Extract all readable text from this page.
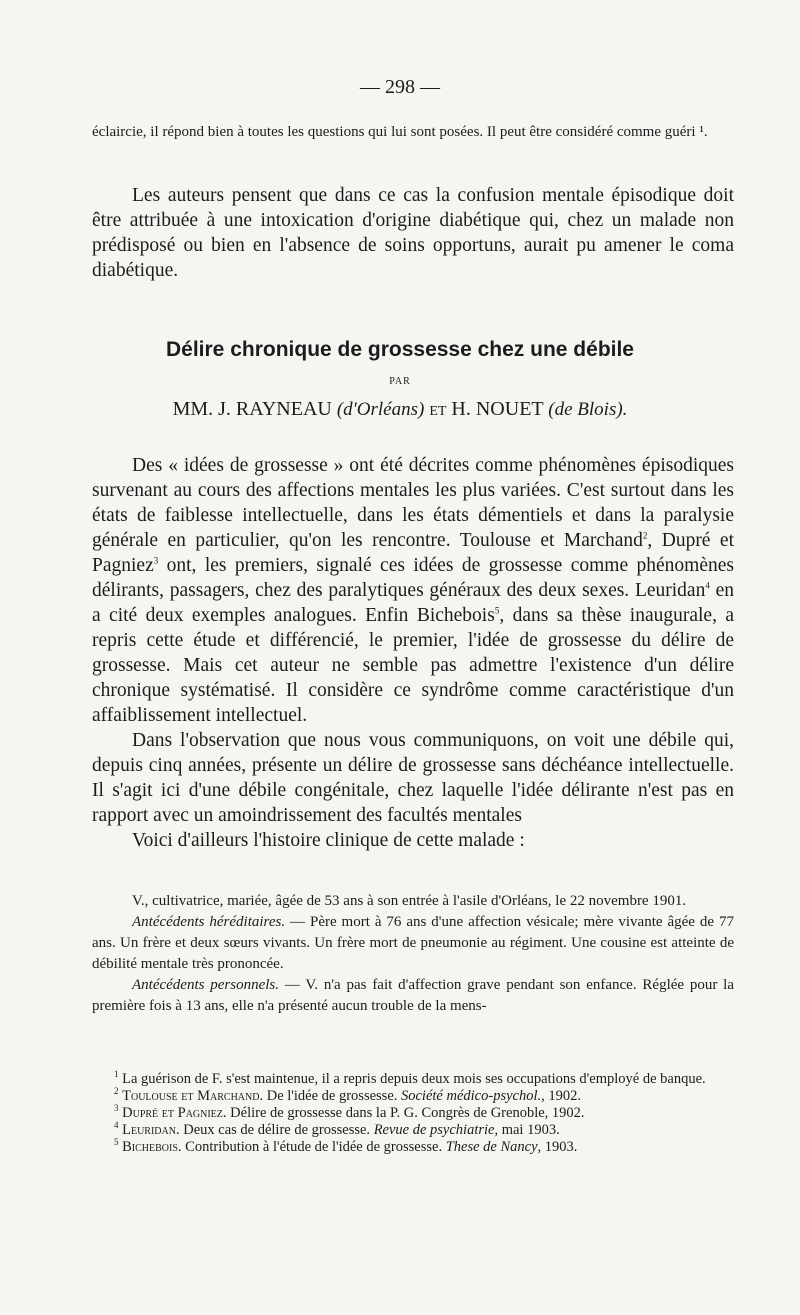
— 298 —

éclaircie, il répond bien à toutes les questions qui lui sont posées. Il peut être considéré comme guéri ¹.

Les auteurs pensent que dans ce cas la confusion mentale épisodique doit être attribuée à une intoxication d'origine diabétique qui, chez un malade non prédisposé ou bien en l'absence de soins opportuns, aurait pu amener le coma diabétique.

Délire chronique de grossesse chez une débile
PAR
MM. J. RAYNEAU (d'Orléans) ET H. NOUET (de Blois).

Des « idées de grossesse » ont été décrites comme phénomènes épisodiques survenant au cours des affections mentales les plus variées. C'est surtout dans les états de faiblesse intellectuelle, dans les états démentiels et dans la paralysie générale en particulier, qu'on les rencontre. Toulouse et Marchand$^2$, Dupré et Pagniez$^3$ ont, les premiers, signalé ces idées de grossesse comme phénomènes délirants, passagers, chez des paralytiques généraux des deux sexes. Leuridan$^4$ en a cité deux exemples analogues. Enfin Bichebois$^5$, dans sa thèse inaugurale, a repris cette étude et différencié, le premier, l'idée de grossesse du délire de grossesse. Mais cet auteur ne semble pas admettre l'existence d'un délire chronique systématisé. Il considère ce syndrôme comme caractéristique d'un affaiblissement intellectuel.

Dans l'observation que nous vous communiquons, on voit une débile qui, depuis cinq années, présente un délire de grossesse sans déchéance intellectuelle. Il s'agit ici d'une débile congénitale, chez laquelle l'idée délirante n'est pas en rapport avec un amoindrissement des facultés mentales

Voici d'ailleurs l'histoire clinique de cette malade :

V., cultivatrice, mariée, âgée de 53 ans à son entrée à l'asile d'Orléans, le 22 novembre 1901.

Antécédents héréditaires. — Père mort à 76 ans d'une affection vésicale; mère vivante âgée de 77 ans. Un frère et deux sœurs vivants. Un frère mort de pneumonie au régiment. Une cousine est atteinte de débilité mentale très prononcée.

Antécédents personnels. — V. n'a pas fait d'affection grave pendant son enfance. Réglée pour la première fois à 13 ans, elle n'a présenté aucun trouble de la mens-

$^1$ La guérison de F. s'est maintenue, il a repris depuis deux mois ses occupations d'employé de banque.

$^2$ Toulouse et Marchand. De l'idée de grossesse. Société médico-psychol., 1902.

$^3$ Dupré et Pagniez. Délire de grossesse dans la P. G. Congrès de Grenoble, 1902.

$^4$ Leuridan. Deux cas de délire de grossesse. Revue de psychiatrie, mai 1903.

$^5$ Bichebois. Contribution à l'étude de l'idée de grossesse. These de Nancy, 1903.
